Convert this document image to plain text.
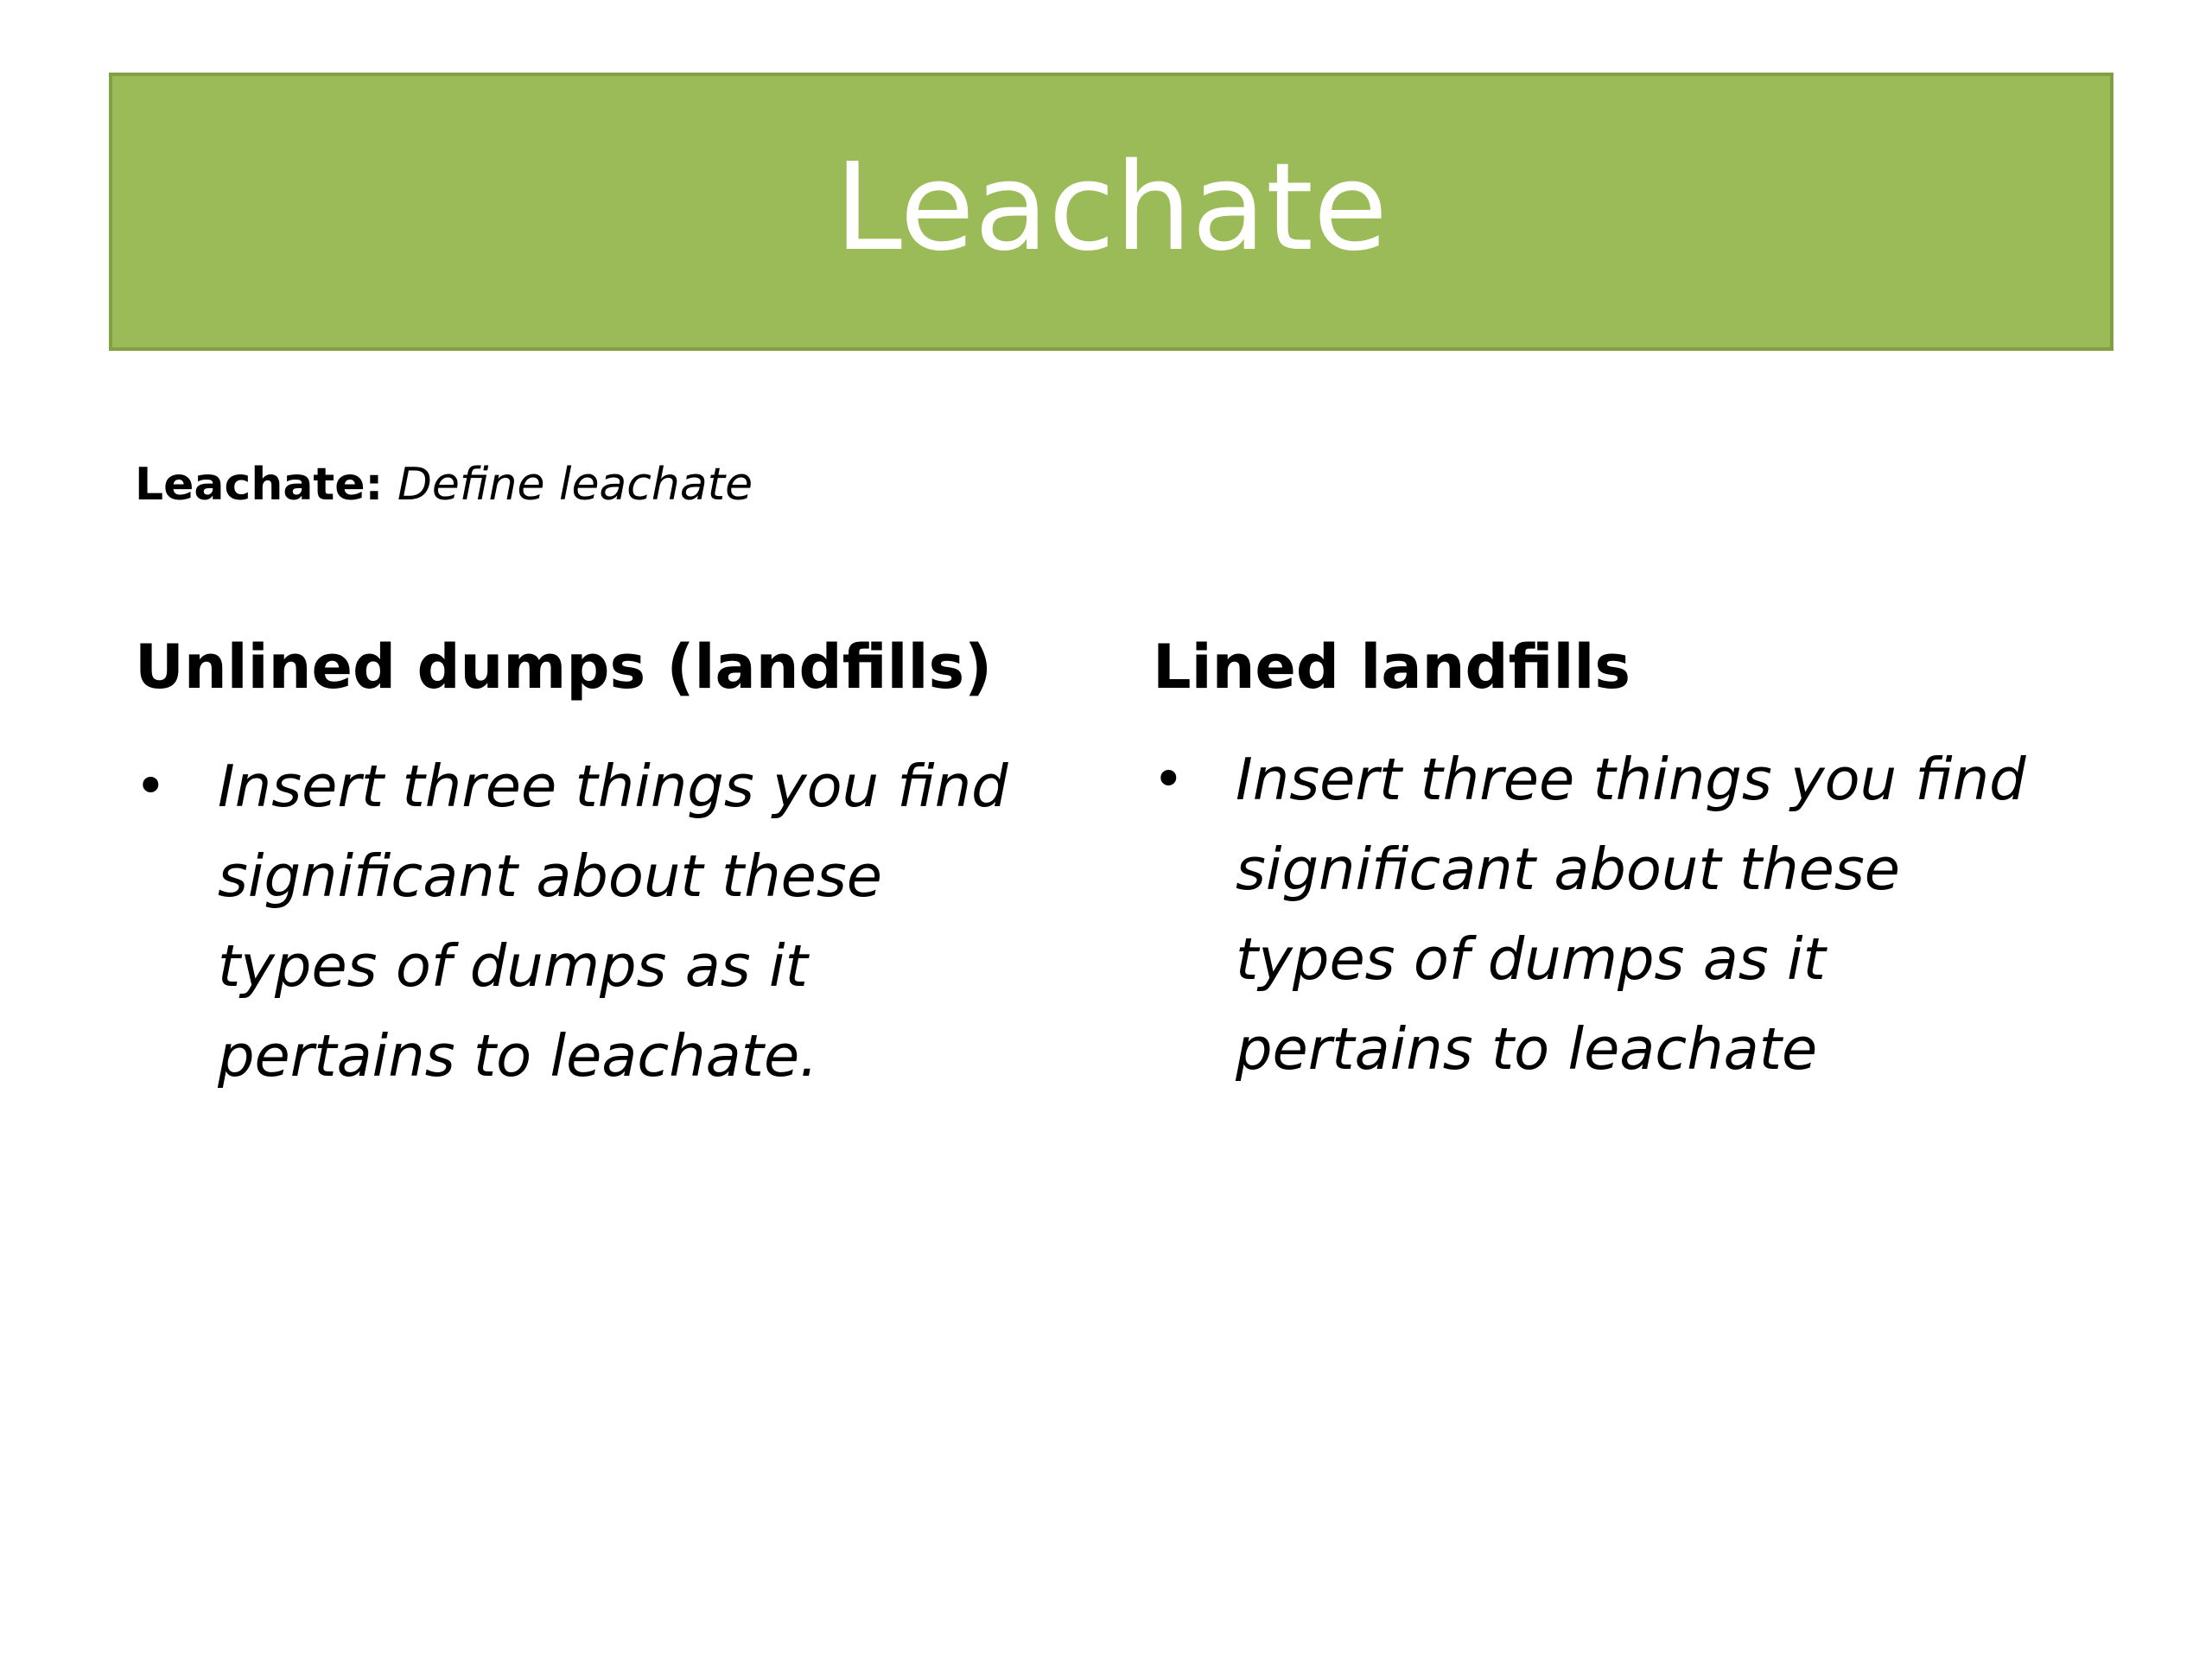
Leachate
Leachate: Define leachate
Unlined dumps (landfills)
• Insert three things you find significant about these types of dumps as it pertains to leachate.
Lined landfills
• Insert three things you find significant about these types of dumps as it pertains to leachate
